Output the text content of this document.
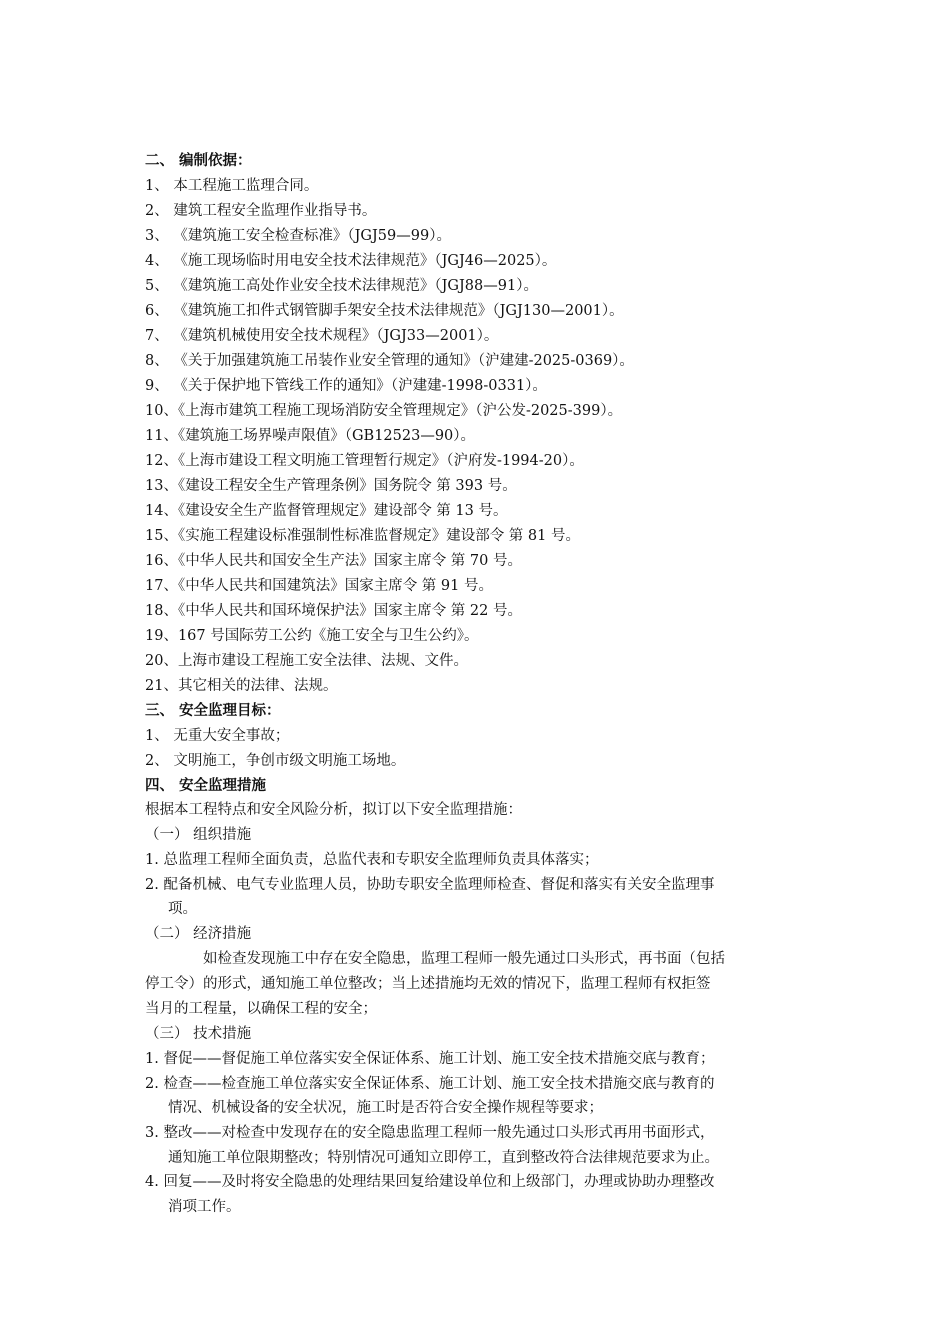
二、 编制依据：
1、 本工程施工监理合同。
2、 建筑工程安全监理作业指导书。
3、 《建筑施工安全检查标准》（JGJ59—99）。
4、 《施工现场临时用电安全技术法律规范》（JGJ46—2025）。
5、 《建筑施工高处作业安全技术法律规范》（JGJ88—91）。
6、 《建筑施工扣件式钢管脚手架安全技术法律规范》（JGJ130—2001）。
7、 《建筑机械使用安全技术规程》（JGJ33—2001）。
8、 《关于加强建筑施工吊装作业安全管理的通知》（沪建建-2025-0369）。
9、 《关于保护地下管线工作的通知》（沪建建-1998-0331）。
10、《上海市建筑工程施工现场消防安全管理规定》（沪公发-2025-399）。
11、《建筑施工场界噪声限值》（GB12523—90）。
12、《上海市建设工程文明施工管理暂行规定》（沪府发-1994-20）。
13、《建设工程安全生产管理条例》国务院令 第 393 号。
14、《建设安全生产监督管理规定》建设部令 第 13 号。
15、《实施工程建设标准强制性标准监督规定》建设部令 第 81 号。
16、《中华人民共和国安全生产法》国家主席令 第 70 号。
17、《中华人民共和国建筑法》国家主席令 第 91 号。
18、《中华人民共和国环境保护法》国家主席令 第 22 号。
19、167 号国际劳工公约《施工安全与卫生公约》。
20、上海市建设工程施工安全法律、法规、文件。
21、其它相关的法律、法规。
三、 安全监理目标：
1、 无重大安全事故；
2、 文明施工，争创市级文明施工场地。
四、 安全监理措施
根据本工程特点和安全风险分析，拟订以下安全监理措施：
（一） 组织措施
1. 总监理工程师全面负责，总监代表和专职安全监理师负责具体落实；
2. 配备机械、电气专业监理人员，协助专职安全监理师检查、督促和落实有关安全监理事
项。
（二） 经济措施
如检查发现施工中存在安全隐患，监理工程师一般先通过口头形式，再书面（包括
停工令）的形式，通知施工单位整改；当上述措施均无效的情况下，监理工程师有权拒签
当月的工程量，以确保工程的安全；
（三） 技术措施
1. 督促——督促施工单位落实安全保证体系、施工计划、施工安全技术措施交底与教育；
2. 检查——检查施工单位落实安全保证体系、施工计划、施工安全技术措施交底与教育的
情况、机械设备的安全状况，施工时是否符合安全操作规程等要求；
3. 整改——对检查中发现存在的安全隐患监理工程师一般先通过口头形式再用书面形式，
通知施工单位限期整改；特别情况可通知立即停工，直到整改符合法律规范要求为止。
4. 回复——及时将安全隐患的处理结果回复给建设单位和上级部门，办理或协助办理整改
消项工作。
